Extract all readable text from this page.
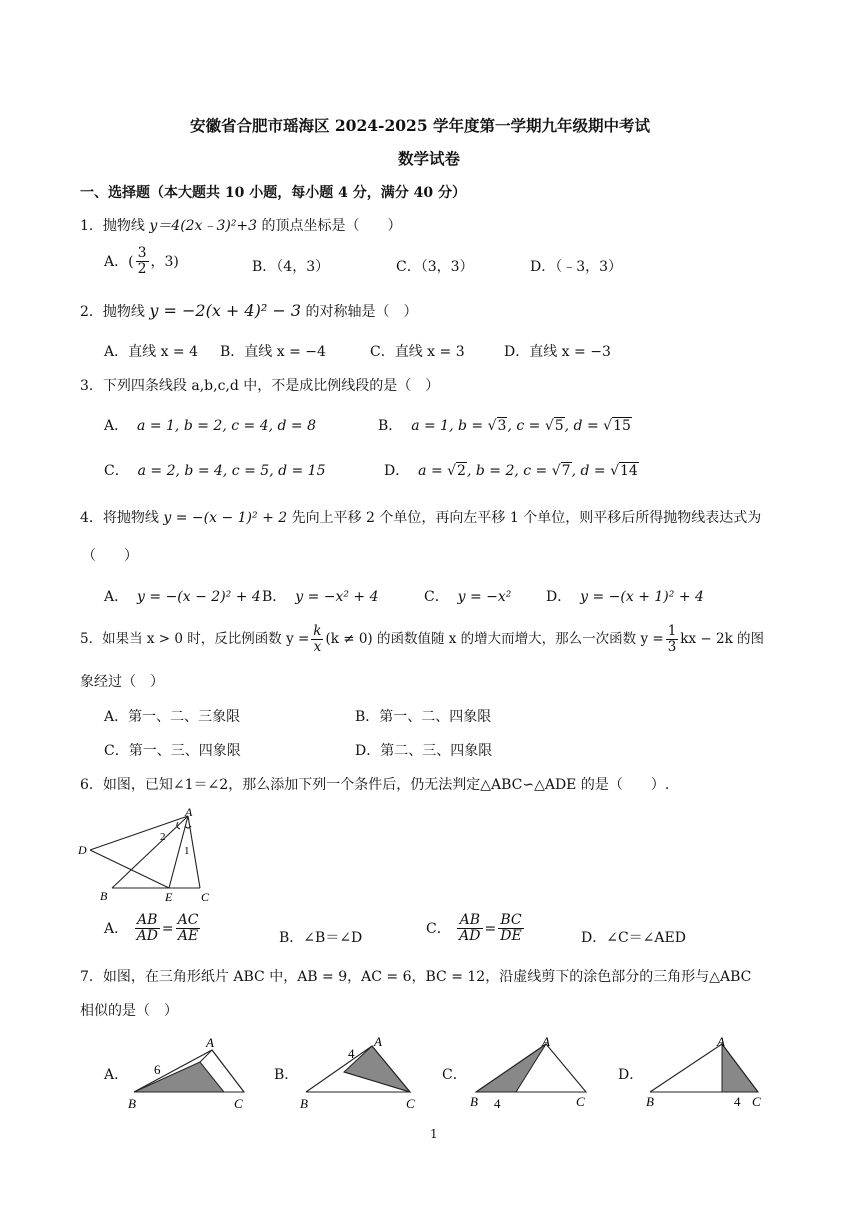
安徽省合肥市瑶海区 2024-2025 学年度第一学期九年级期中考试
数学试卷
一、选择题（本大题共 10 小题，每小题 4 分，满分 40 分）
1．抛物线 y＝4(2x﹣3)²+3 的顶点坐标是（　　）
A．( $\frac{3}{2}$ ，3)	B．（4，3）	C．（3，3）	D．（﹣3，3）
2．抛物线 y = −2(x + 4)² − 3 的对称轴是（　）
A．直线 x = 4 B．直线 x = −4	C．直线 x = 3	D．直线 x = −3
3．下列四条线段 a,b,c,d 中，不是成比例线段的是（　）
A． a = 1, b = 2, c = 4, d = 8	B． a = 1, b = √3, c = √5, d = √15
C． a = 2, b = 4, c = 5, d = 15	D． a = √2, b = 2, c = √7, d = √14
4．将抛物线 y = −(x − 1)² + 2 先向上平移 2 个单位，再向左平移 1 个单位，则平移后所得抛物线表达式为
（　　）
A． y = −(x − 2)² + 4 B． y = −x² + 4	C． y = −x² D． y = −(x + 1)² + 4
5．如果当 x > 0 时，反比例函数 $y = \frac{k}{x} (k \ne 0)$ 的函数值随 x 的增大而增大，那么一次函数 $y = \frac{1}{3}$ kx − 2k 的图
象经过（　）
A．第一、二、三象限	B．第一、二、四象限
C．第一、三、四象限	D．第二、三、四象限
6．如图，已知∠1＝∠2，那么添加下列一个条件后，仍无法判定△ABC∽△ADE 的是（　　）.
A
D
B	E C
1
2
A． $\frac{AB}{AD} = \frac{AC}{AE}$	B．∠B＝∠D
C． $\frac{AB}{AD} = \frac{BC}{DE}$	D．∠C＝∠AED
7．如图，在三角形纸片 ABC 中，AB = 9，AC = 6，BC = 12，沿虚线剪下的涂色部分的三角形与△ABC
相似的是（　）
A．
A
B	C
6	B．
A
B	C
4
C．
A
B	C
4
D．
A
B	C
4
1
